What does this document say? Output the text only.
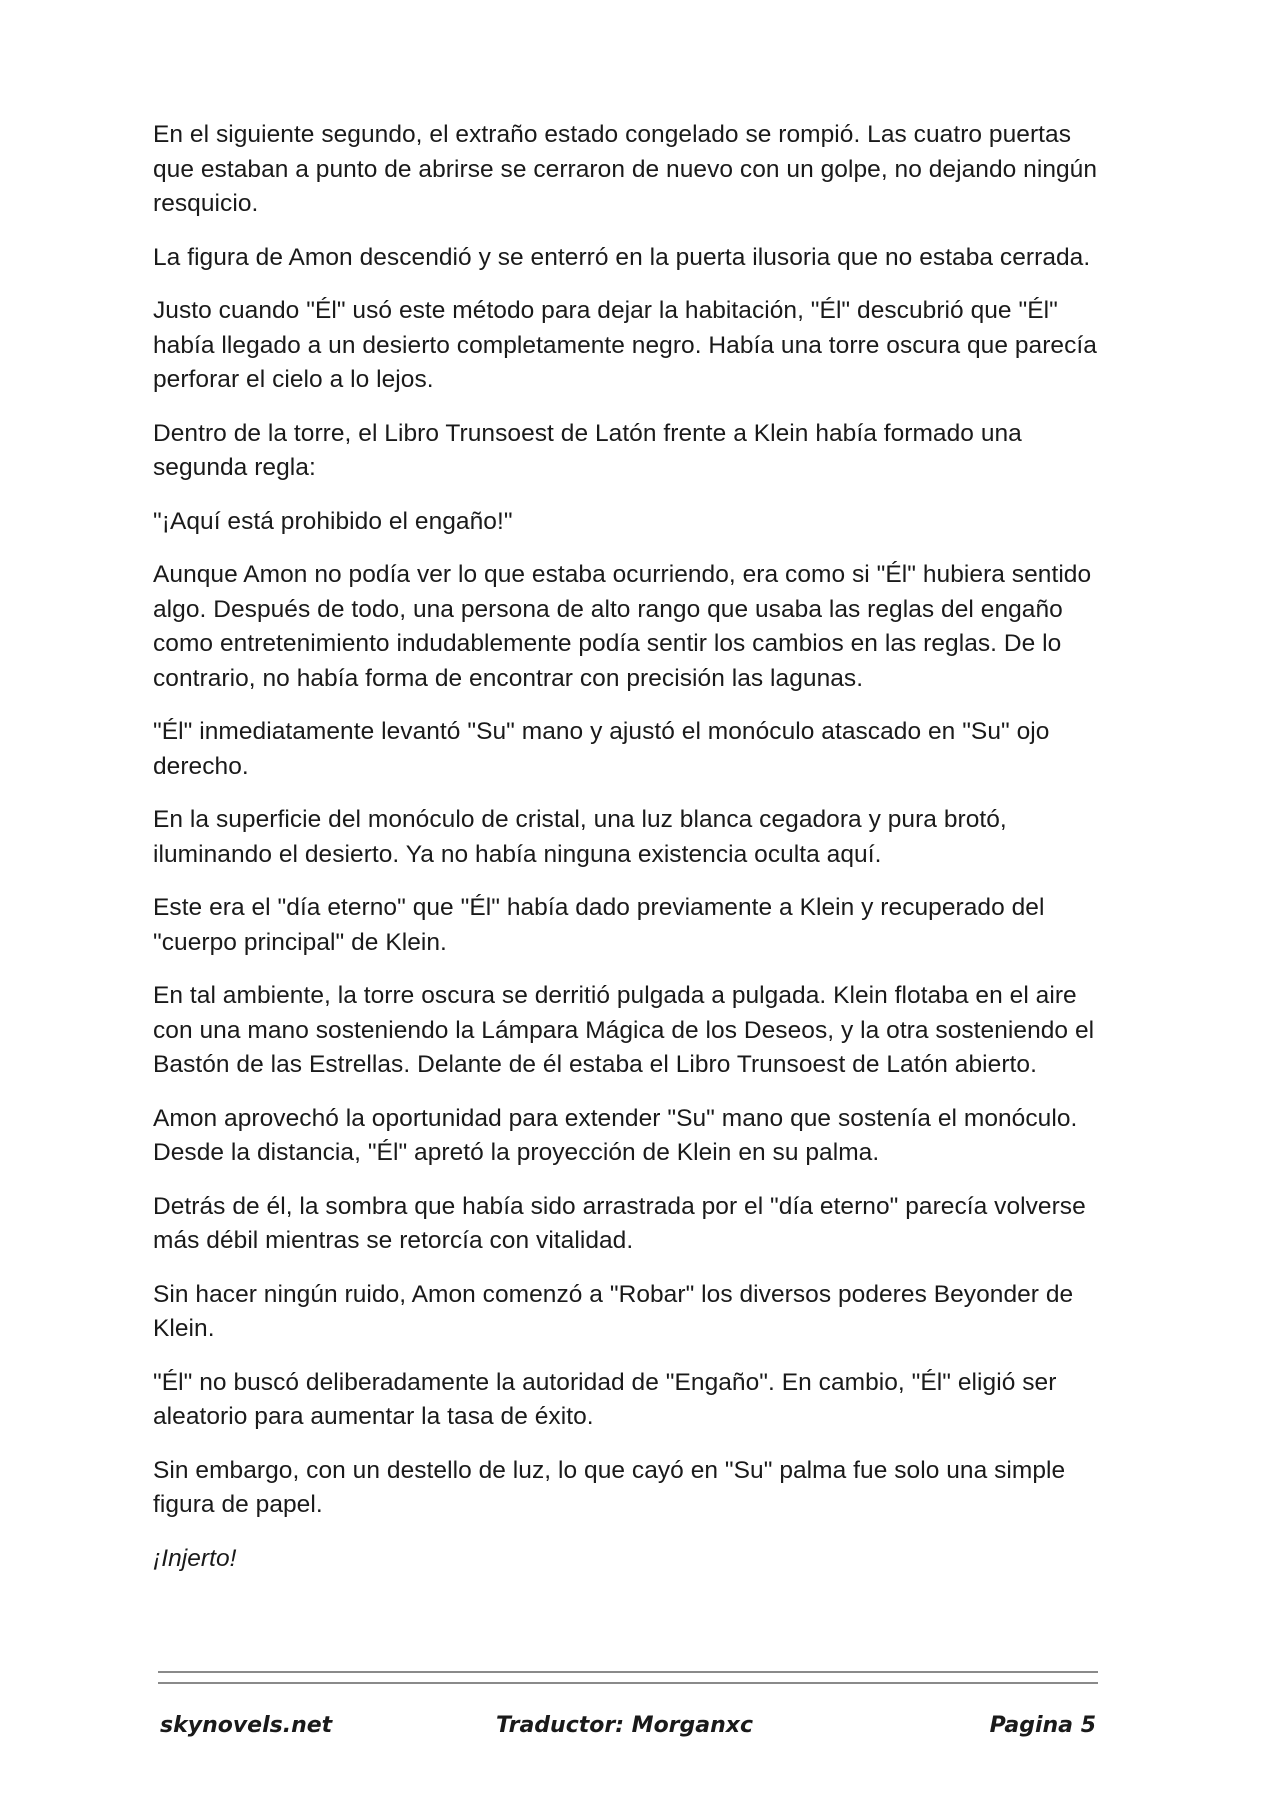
En el siguiente segundo, el extraño estado congelado se rompió. Las cuatro puertas que estaban a punto de abrirse se cerraron de nuevo con un golpe, no dejando ningún resquicio.

La figura de Amon descendió y se enterró en la puerta ilusoria que no estaba cerrada.

Justo cuando "Él" usó este método para dejar la habitación, "Él" descubrió que "Él" había llegado a un desierto completamente negro. Había una torre oscura que parecía perforar el cielo a lo lejos.

Dentro de la torre, el Libro Trunsoest de Latón frente a Klein había formado una segunda regla:

"¡Aquí está prohibido el engaño!"

Aunque Amon no podía ver lo que estaba ocurriendo, era como si "Él" hubiera sentido algo. Después de todo, una persona de alto rango que usaba las reglas del engaño como entretenimiento indudablemente podía sentir los cambios en las reglas. De lo contrario, no había forma de encontrar con precisión las lagunas.

"Él" inmediatamente levantó "Su" mano y ajustó el monóculo atascado en "Su" ojo derecho.

En la superficie del monóculo de cristal, una luz blanca cegadora y pura brotó, iluminando el desierto. Ya no había ninguna existencia oculta aquí.

Este era el "día eterno" que "Él" había dado previamente a Klein y recuperado del "cuerpo principal" de Klein.

En tal ambiente, la torre oscura se derritió pulgada a pulgada. Klein flotaba en el aire con una mano sosteniendo la Lámpara Mágica de los Deseos, y la otra sosteniendo el Bastón de las Estrellas. Delante de él estaba el Libro Trunsoest de Latón abierto.

Amon aprovechó la oportunidad para extender "Su" mano que sostenía el monóculo. Desde la distancia, "Él" apretó la proyección de Klein en su palma.

Detrás de él, la sombra que había sido arrastrada por el "día eterno" parecía volverse más débil mientras se retorcía con vitalidad.

Sin hacer ningún ruido, Amon comenzó a "Robar" los diversos poderes Beyonder de Klein.

"Él" no buscó deliberadamente la autoridad de "Engaño". En cambio, "Él" eligió ser aleatorio para aumentar la tasa de éxito.

Sin embargo, con un destello de luz, lo que cayó en "Su" palma fue solo una simple figura de papel.

¡Injerto!

skynovels.net	Traductor: Morganxc	Pagina 5
